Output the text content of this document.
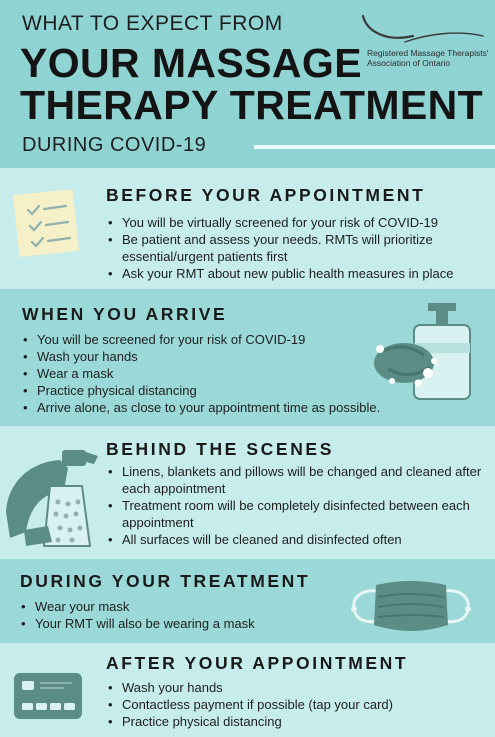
WHAT TO EXPECT FROM
YOUR MASSAGE
THERAPY TREATMENT
DURING COVID-19
Registered Massage Therapists'
Association of Ontario
BEFORE YOUR APPOINTMENT
• You will be virtually screened for your risk of COVID-19
• Be patient and assess your needs. RMTs will prioritize essential/urgent patients first
• Ask your RMT about new public health measures in place
WHEN YOU ARRIVE
• You will be screened for your risk of COVID-19
• Wash your hands
• Wear a mask
• Practice physical distancing
• Arrive alone, as close to your appointment time as possible.
BEHIND THE SCENES
• Linens, blankets and pillows will be changed and cleaned after each appointment
• Treatment room will be completely disinfected between each appointment
• All surfaces will be cleaned and disinfected often
DURING YOUR TREATMENT
• Wear your mask
• Your RMT will also be wearing a mask
AFTER YOUR APPOINTMENT
• Wash your hands
• Contactless payment if possible (tap your card)
• Practice physical distancing
